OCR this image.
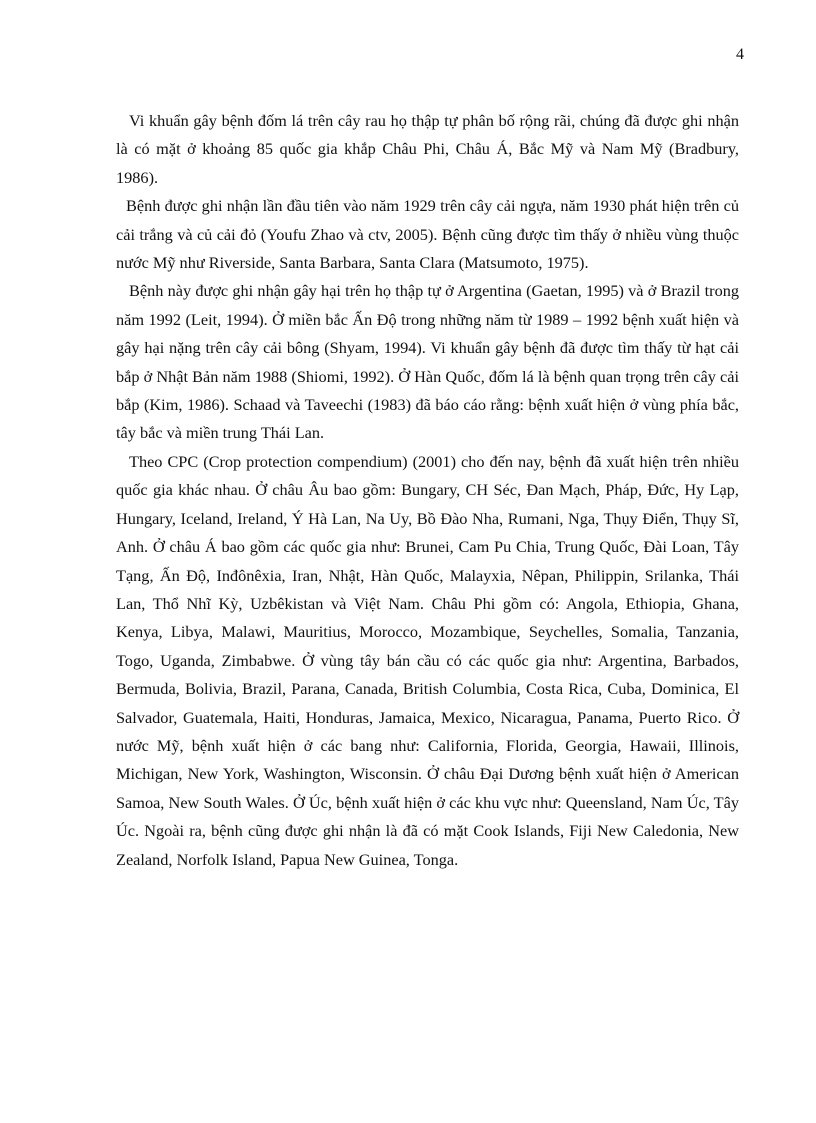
4

Vi khuẩn gây bệnh đốm lá trên cây rau họ thập tự phân bố rộng rãi, chúng đã được ghi nhận là có mặt ở khoảng 85 quốc gia khắp Châu Phi, Châu Á, Bắc Mỹ và Nam Mỹ (Bradbury, 1986).

Bệnh được ghi nhận lần đầu tiên vào năm 1929 trên cây cải ngựa, năm 1930 phát hiện trên củ cải trắng và củ cải đỏ (Youfu Zhao và ctv, 2005). Bệnh cũng được tìm thấy ở nhiều vùng thuộc nước Mỹ như Riverside, Santa Barbara, Santa Clara (Matsumoto, 1975).

Bệnh này được ghi nhận gây hại trên họ thập tự ở Argentina (Gaetan, 1995) và ở Brazil trong năm 1992 (Leit, 1994). Ở miền bắc Ấn Độ trong những năm từ 1989 – 1992 bệnh xuất hiện và gây hại nặng trên cây cải bông (Shyam, 1994). Vi khuẩn gây bệnh đã được tìm thấy từ hạt cải bắp ở Nhật Bản năm 1988 (Shiomi, 1992). Ở Hàn Quốc, đốm lá là bệnh quan trọng trên cây cải bắp (Kim, 1986). Schaad và Taveechi (1983) đã báo cáo rằng: bệnh xuất hiện ở vùng phía bắc, tây bắc và miền trung Thái Lan.

Theo CPC (Crop protection compendium) (2001) cho đến nay, bệnh đã xuất hiện trên nhiều quốc gia khác nhau. Ở châu Âu bao gồm: Bungary, CH Séc, Đan Mạch, Pháp, Đức, Hy Lạp, Hungary, Iceland, Ireland, Ý Hà Lan, Na Uy, Bồ Đào Nha, Rumani, Nga, Thụy Điển, Thụy Sĩ, Anh. Ở châu Á bao gồm các quốc gia như: Brunei, Cam Pu Chia, Trung Quốc, Đài Loan, Tây Tạng, Ấn Độ, Inđônêxia, Iran, Nhật, Hàn Quốc, Malayxia, Nêpan, Philippin, Srilanka, Thái Lan, Thổ Nhĩ Kỳ, Uzbêkistan và Việt Nam. Châu Phi gồm có: Angola, Ethiopia, Ghana, Kenya, Libya, Malawi, Mauritius, Morocco, Mozambique, Seychelles, Somalia, Tanzania, Togo, Uganda, Zimbabwe. Ở vùng tây bán cầu có các quốc gia như: Argentina, Barbados, Bermuda, Bolivia, Brazil, Parana, Canada, British Columbia, Costa Rica, Cuba, Dominica, El Salvador, Guatemala, Haiti, Honduras, Jamaica, Mexico, Nicaragua, Panama, Puerto Rico. Ở nước Mỹ, bệnh xuất hiện ở các bang như: California, Florida, Georgia, Hawaii, Illinois, Michigan, New York, Washington, Wisconsin. Ở châu Đại Dương bệnh xuất hiện ở American Samoa, New South Wales. Ở Úc, bệnh xuất hiện ở các khu vực như: Queensland, Nam Úc, Tây Úc. Ngoài ra, bệnh cũng được ghi nhận là đã có mặt Cook Islands, Fiji New Caledonia, New Zealand, Norfolk Island, Papua New Guinea, Tonga.
